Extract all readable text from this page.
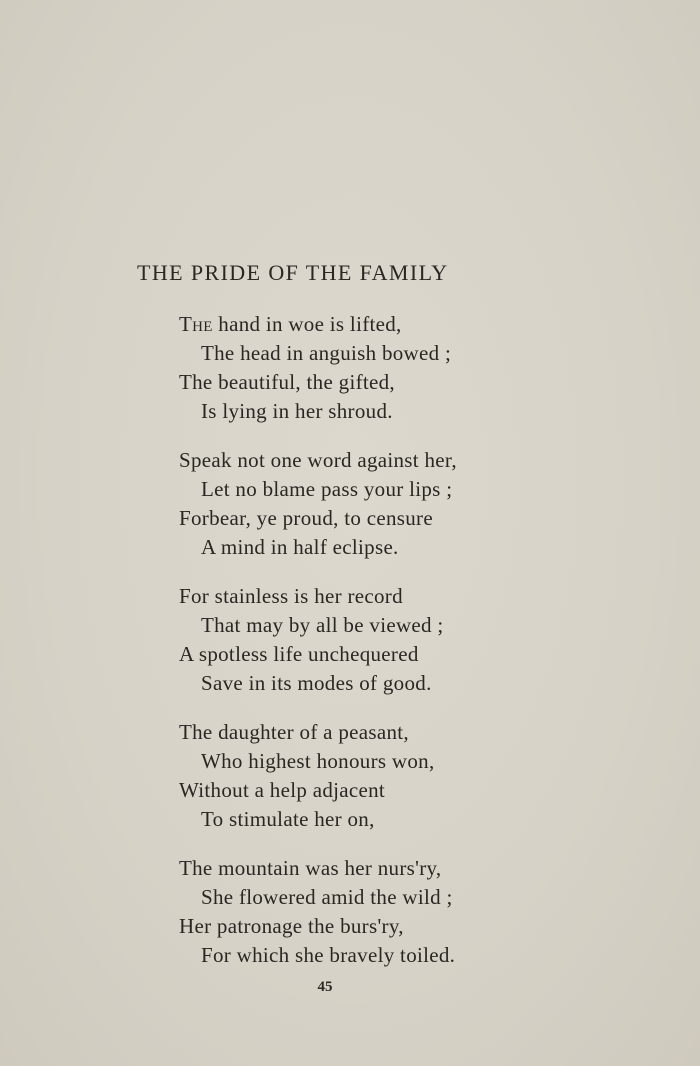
THE PRIDE OF THE FAMILY
The hand in woe is lifted,
The head in anguish bowed ;
The beautiful, the gifted,
Is lying in her shroud.
Speak not one word against her,
Let no blame pass your lips ;
Forbear, ye proud, to censure
A mind in half eclipse.
For stainless is her record
That may by all be viewed ;
A spotless life unchequered
Save in its modes of good.
The daughter of a peasant,
Who highest honours won,
Without a help adjacent
To stimulate her on,
The mountain was her nurs'ry,
She flowered amid the wild ;
Her patronage the burs'ry,
For which she bravely toiled.
45
